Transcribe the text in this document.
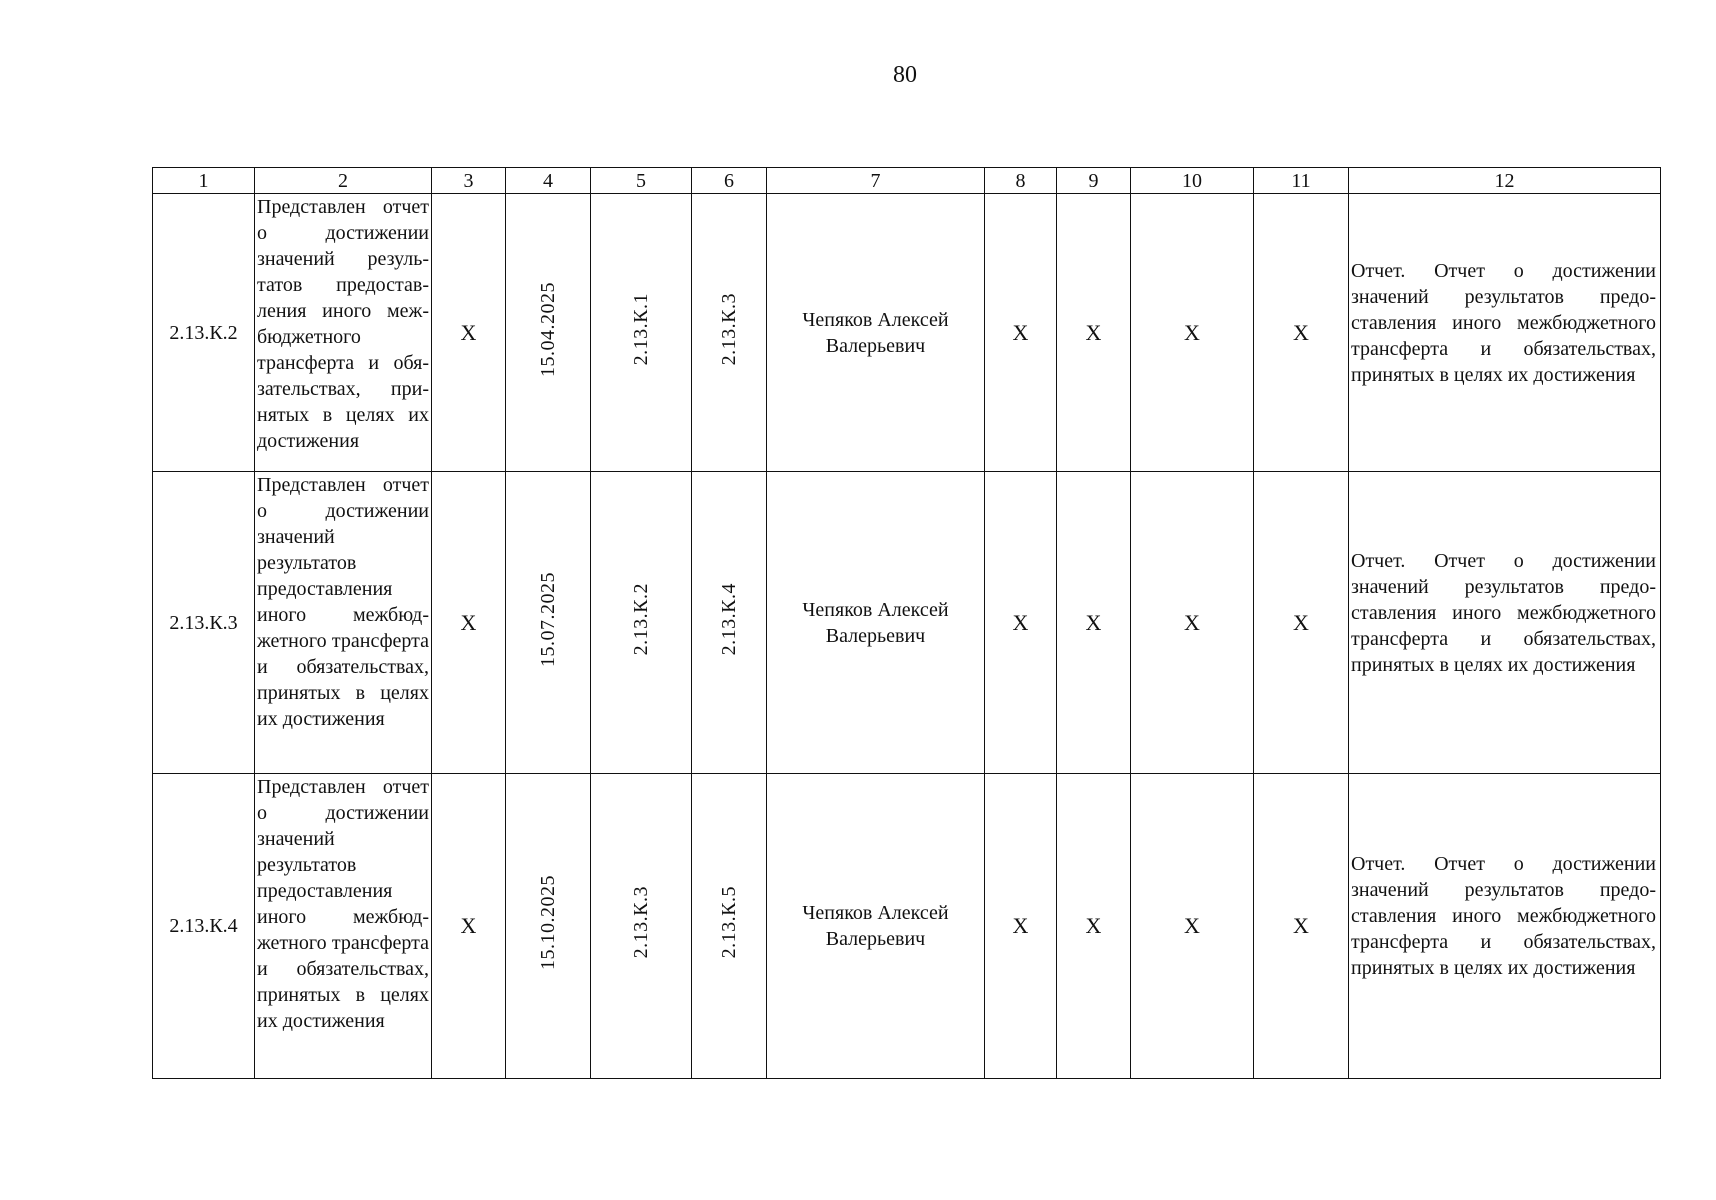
80
1	2	3	4	5	6	7	8	9	10	11	12
2.13.К.2	Представлен отчет о достижении значений результатов предоставления иного межбюджетного трансферта и обязательствах, принятых в целях их достижения	X	15.04.2025	2.13.К.1	2.13.К.3	Чепяков Алексей Валерьевич	X	X	X	X	Отчет. Отчет о достижении значений результатов предоставления иного межбюджетного трансферта и обязательствах, принятых в целях их достижения
2.13.К.3	Представлен отчет о достижении значений результатов предоставления иного межбюджетного трансферта и обязательствах, принятых в целях их достижения	X	15.07.2025	2.13.К.2	2.13.К.4	Чепяков Алексей Валерьевич	X	X	X	X	Отчет. Отчет о достижении значений результатов предоставления иного межбюджетного трансферта и обязательствах, принятых в целях их достижения
2.13.К.4	Представлен отчет о достижении значений результатов предоставления иного межбюджетного трансферта и обязательствах, принятых в целях их достижения	X	15.10.2025	2.13.К.3	2.13.К.5	Чепяков Алексей Валерьевич	X	X	X	X	Отчет. Отчет о достижении значений результатов предоставления иного межбюджетного трансферта и обязательствах, принятых в целях их достижения
